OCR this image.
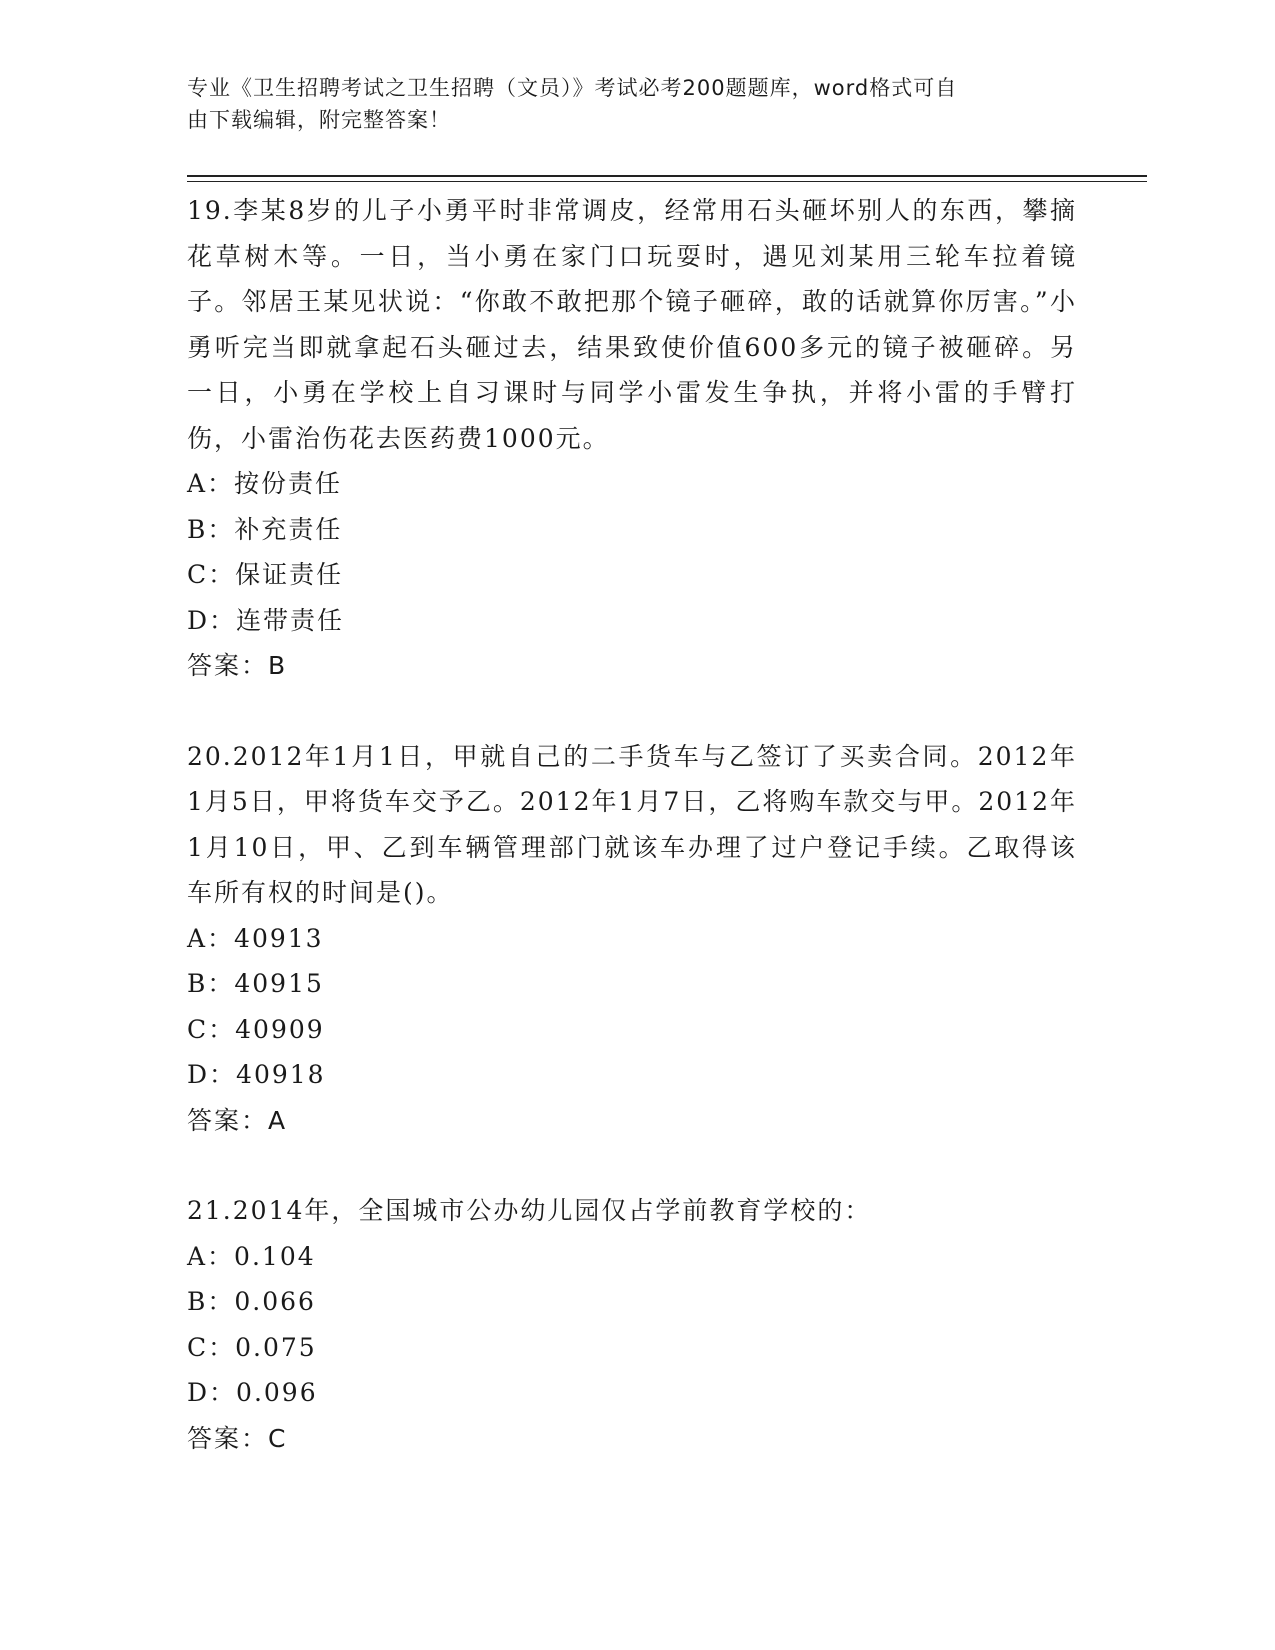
专业《卫生招聘考试之卫生招聘（文员）》考试必考200题题库，word格式可自
由下载编辑，附完整答案！

19.李某8岁的儿子小勇平时非常调皮，经常用石头砸坏别人的东西，攀摘花草树木等。一日，当小勇在家门口玩耍时，遇见刘某用三轮车拉着镜子。邻居王某见状说：“你敢不敢把那个镜子砸碎，敢的话就算你厉害。”小勇听完当即就拿起石头砸过去，结果致使价值600多元的镜子被砸碎。另一日，小勇在学校上自习课时与同学小雷发生争执，并将小雷的手臂打伤，小雷治伤花去医药费1000元。

A：按份责任

B：补充责任

C：保证责任

D：连带责任

答案：B

20.2012年1月1日，甲就自己的二手货车与乙签订了买卖合同。2012年1月5日，甲将货车交予乙。2012年1月7日，乙将购车款交与甲。2012年1月10日，甲、乙到车辆管理部门就该车办理了过户登记手续。乙取得该车所有权的时间是()。

A：40913

B：40915

C：40909

D：40918

答案：A

21.2014年，全国城市公办幼儿园仅占学前教育学校的：

A：0.104

B：0.066

C：0.075

D：0.096

答案：C
